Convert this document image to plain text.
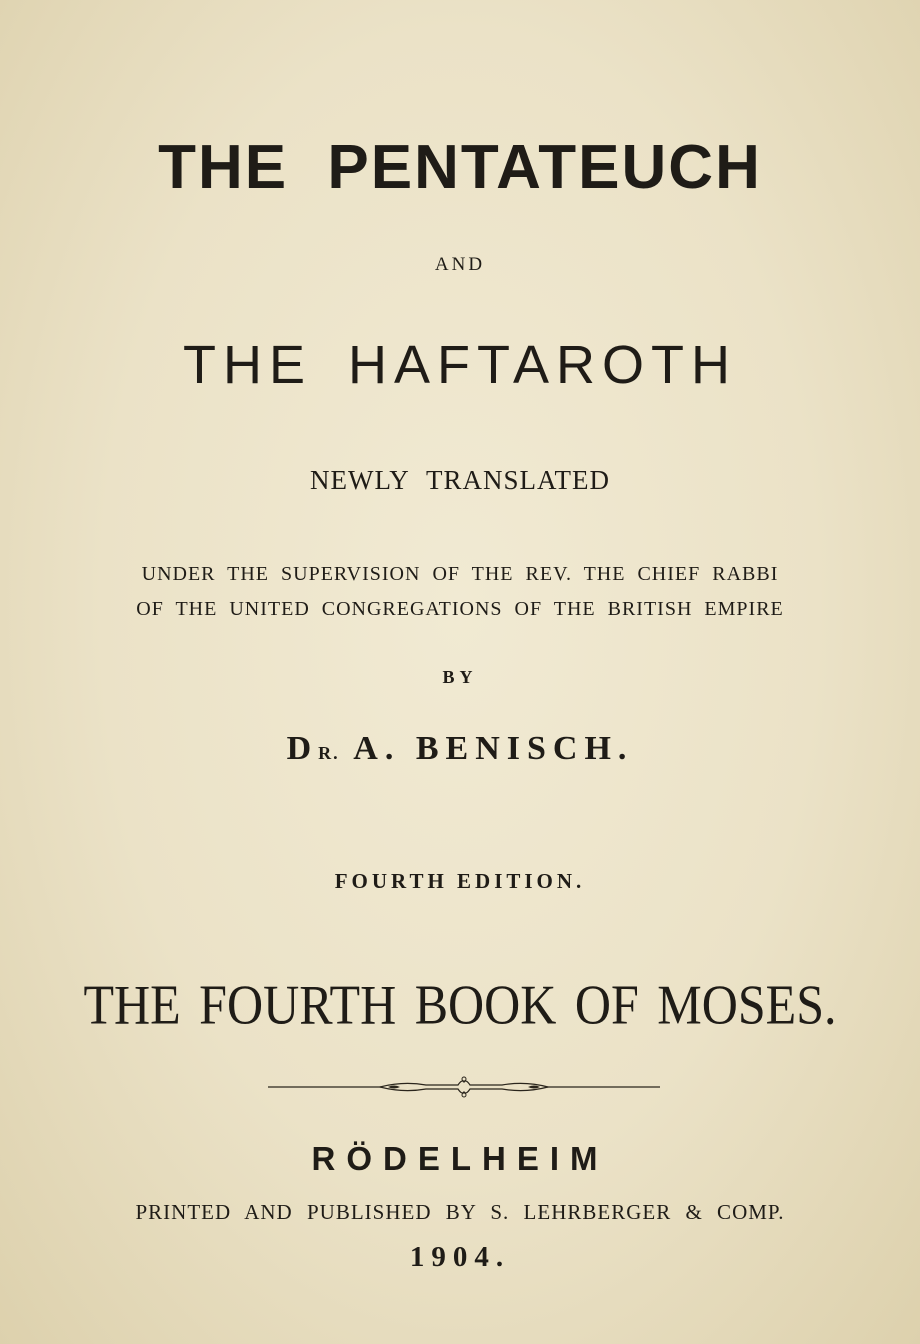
THE PENTATEUCH
AND
THE HAFTAROTH
NEWLY TRANSLATED
UNDER THE SUPERVISION OF THE REV. THE CHIEF RABBI
OF THE UNITED CONGREGATIONS OF THE BRITISH EMPIRE
BY
DR. A. BENISCH.
FOURTH EDITION.
THE FOURTH BOOK OF MOSES.
RÖDELHEIM
PRINTED AND PUBLISHED BY S. LEHRBERGER & COMP.
1904.
